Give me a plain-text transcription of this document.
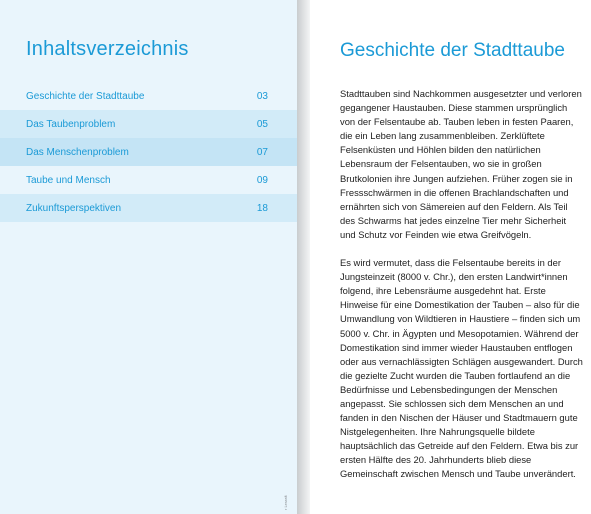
Inhaltsverzeichnis
Geschichte der Stadttaube	03
Das Taubenproblem	05
Das Menschenproblem	07
Taube und Mensch	09
Zukunftsperspektiven	18
r Lesraft
Geschichte der Stadttaube

Stadttauben sind Nachkommen ausgesetzter und verloren gegangener Haustauben. Diese stammen ursprünglich von der Felsentaube ab. Tauben leben in festen Paaren, die ein Leben lang zusammenbleiben. Zerklüftete Felsenküsten und Höhlen bilden den natürlichen Lebensraum der Felsentauben, wo sie in großen Brutkolonien ihre Jungen aufziehen. Früher zogen sie in Fressschwärmen in die offenen Brachlandschaften und ernährten sich von Sämereien auf den Feldern. Als Teil des Schwarms hat jedes einzelne Tier mehr Sicherheit und Schutz vor Feinden wie etwa Greifvögeln.

Es wird vermutet, dass die Felsentaube bereits in der Jungsteinzeit (8000 v. Chr.), den ersten Landwirt*innen folgend, ihre Lebensräume ausgedehnt hat. Erste Hinweise für eine Domestikation der Tauben – also für die Umwandlung von Wildtieren in Haustiere – finden sich um 5000 v. Chr. in Ägypten und Mesopotamien. Während der Domestikation sind immer wieder Haustauben entflogen oder aus vernachlässigten Schlägen ausgewandert. Durch die gezielte Zucht wurden die Tauben fortlaufend an die Bedürfnisse und Lebensbedingungen der Menschen angepasst. Sie schlossen sich dem Menschen an und fanden in den Nischen der Häuser und Stadtmauern gute Nistgelegenheiten. Ihre Nahrungsquelle bildete hauptsächlich das Getreide auf den Feldern. Etwa bis zur ersten Hälfte des 20. Jahrhunderts blieb diese Gemeinschaft zwischen Mensch und Taube unverändert.
